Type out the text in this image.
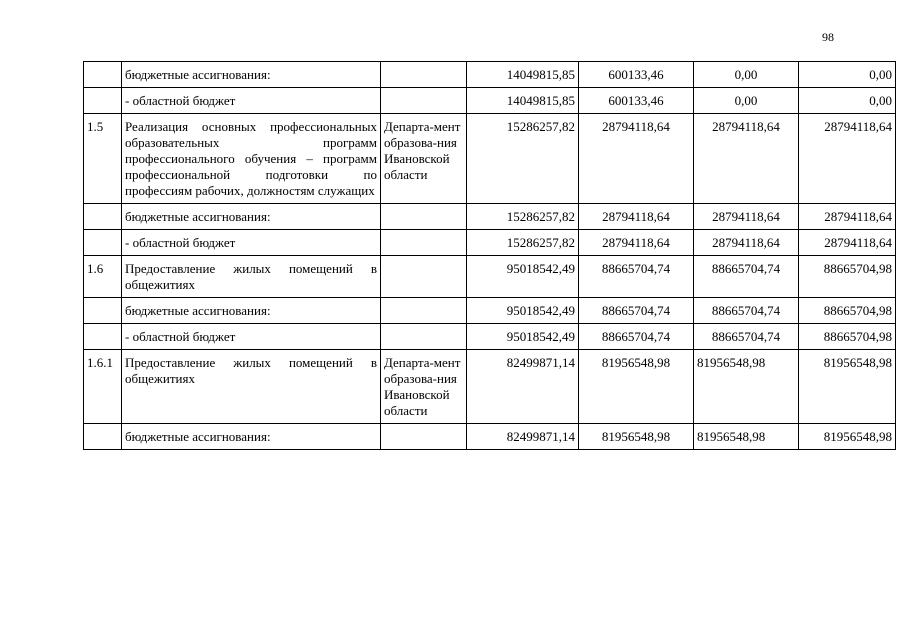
98
	бюджетные ассигнования:		14049815,85	600133,46	0,00	0,00
	- областной бюджет		14049815,85	600133,46	0,00	0,00
1.5	Реализация основных профессиональных образовательных программ профессионального обучения – программ профессиональной подготовки по профессиям рабочих, должностям служащих	Департа-мент образова-ния Ивановской области	15286257,82	28794118,64	28794118,64	28794118,64
	бюджетные ассигнования:		15286257,82	28794118,64	28794118,64	28794118,64
	- областной бюджет		15286257,82	28794118,64	28794118,64	28794118,64
1.6	Предоставление жилых помещений в общежитиях		95018542,49	88665704,74	88665704,74	88665704,98
	бюджетные ассигнования:		95018542,49	88665704,74	88665704,74	88665704,98
	- областной бюджет		95018542,49	88665704,74	88665704,74	88665704,98
1.6.1	Предоставление жилых помещений в общежитиях	Департа-мент образова-ния Ивановской области	82499871,14	81956548,98	81956548,98	81956548,98
	бюджетные ассигнования:		82499871,14	81956548,98	81956548,98	81956548,98
